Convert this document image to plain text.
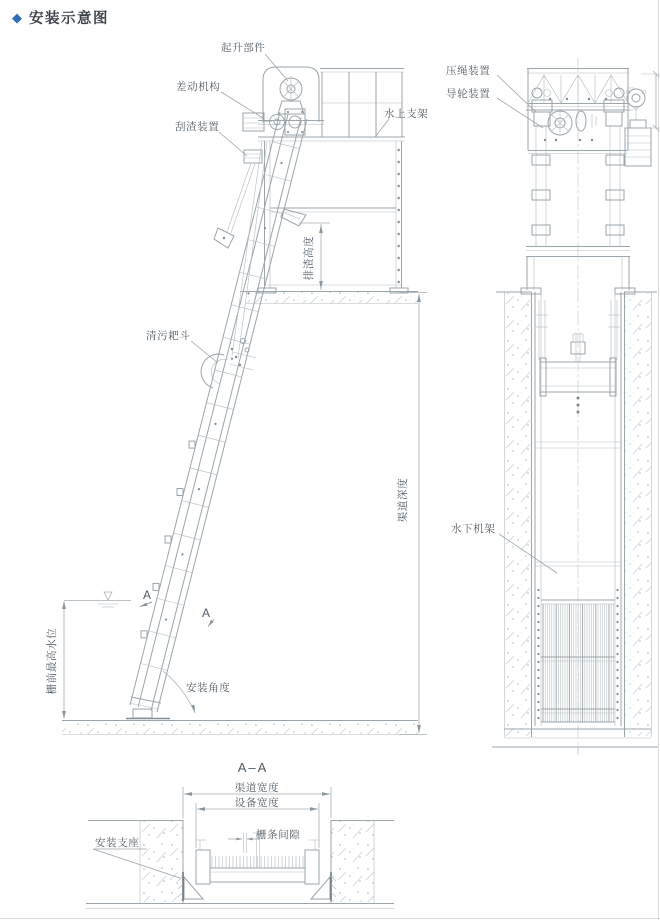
◆ 安装示意图
起升部件
差动机构
刮渣装置
水上支架
清污耙斗
安装角度
排渣高度
栅前最高水位
渠道深度
A
A
压绳装置
导轮装置
水下机架
A–A
渠道宽度
设备宽度
栅条间隙
安装支座
